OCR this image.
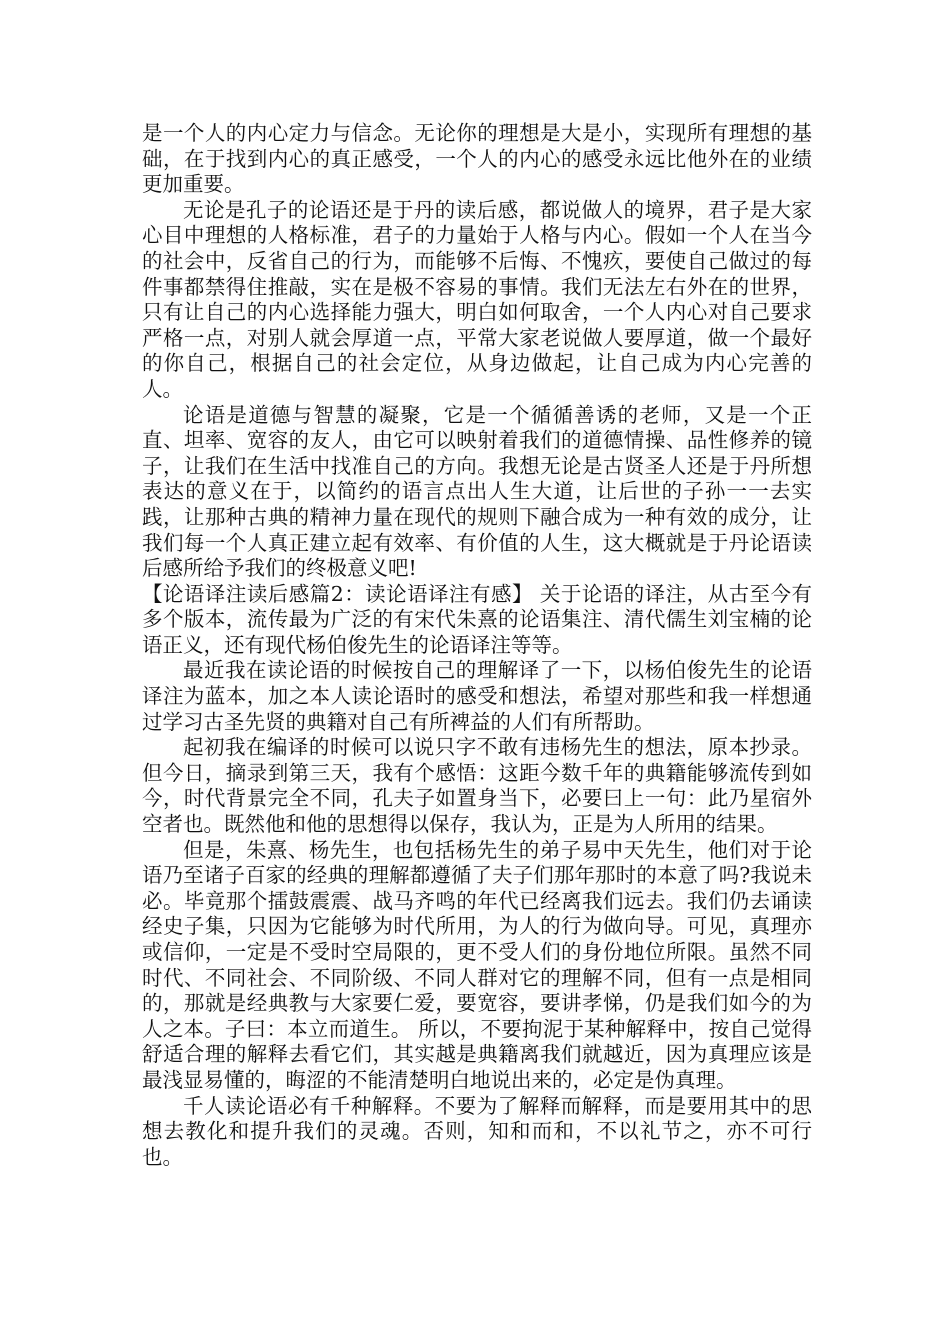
是一个人的内心定力与信念。无论你的理想是大是小，实现所有理想的基础，在于找到内心的真正感受，一个人的内心的感受永远比他外在的业绩更加重要。

无论是孔子的论语还是于丹的读后感，都说做人的境界，君子是大家心目中理想的人格标准，君子的力量始于人格与内心。假如一个人在当今的社会中，反省自己的行为，而能够不后悔、不愧疚，要使自己做过的每件事都禁得住推敲，实在是极不容易的事情。我们无法左右外在的世界，只有让自己的内心选择能力强大，明白如何取舍，一个人内心对自己要求严格一点，对别人就会厚道一点，平常大家老说做人要厚道，做一个最好的你自己，根据自己的社会定位，从身边做起，让自己成为内心完善的人。

论语是道德与智慧的凝聚，它是一个循循善诱的老师，又是一个正直、坦率、宽容的友人，由它可以映射着我们的道德情操、品性修养的镜子，让我们在生活中找准自己的方向。我想无论是古贤圣人还是于丹所想表达的意义在于，以简约的语言点出人生大道，让后世的子孙一一去实践，让那种古典的精神力量在现代的规则下融合成为一种有效的成分，让我们每一个人真正建立起有效率、有价值的人生，这大概就是于丹论语读后感所给予我们的终极意义吧!

【论语译注读后感篇2：读论语译注有感】 关于论语的译注，从古至今有多个版本，流传最为广泛的有宋代朱熹的论语集注、清代儒生刘宝楠的论语正义，还有现代杨伯俊先生的论语译注等等。

最近我在读论语的时候按自己的理解译了一下，以杨伯俊先生的论语译注为蓝本，加之本人读论语时的感受和想法，希望对那些和我一样想通过学习古圣先贤的典籍对自己有所裨益的人们有所帮助。

起初我在编译的时候可以说只字不敢有违杨先生的想法，原本抄录。但今日，摘录到第三天，我有个感悟：这距今数千年的典籍能够流传到如今，时代背景完全不同，孔夫子如置身当下，必要曰上一句：此乃星宿外空者也。既然他和他的思想得以保存，我认为，正是为人所用的结果。

但是，朱熹、杨先生，也包括杨先生的弟子易中天先生，他们对于论语乃至诸子百家的经典的理解都遵循了夫子们那年那时的本意了吗?我说未必。毕竟那个擂鼓震震、战马齐鸣的年代已经离我们远去。我们仍去诵读经史子集，只因为它能够为时代所用，为人的行为做向导。可见，真理亦或信仰，一定是不受时空局限的，更不受人们的身份地位所限。虽然不同时代、不同社会、不同阶级、不同人群对它的理解不同，但有一点是相同的，那就是经典教与大家要仁爱，要宽容，要讲孝悌，仍是我们如今的为人之本。子曰：本立而道生。 所以，不要拘泥于某种解释中，按自己觉得舒适合理的解释去看它们，其实越是典籍离我们就越近，因为真理应该是最浅显易懂的，晦涩的不能清楚明白地说出来的，必定是伪真理。

千人读论语必有千种解释。不要为了解释而解释，而是要用其中的思想去教化和提升我们的灵魂。否则，知和而和，不以礼节之，亦不可行也。
